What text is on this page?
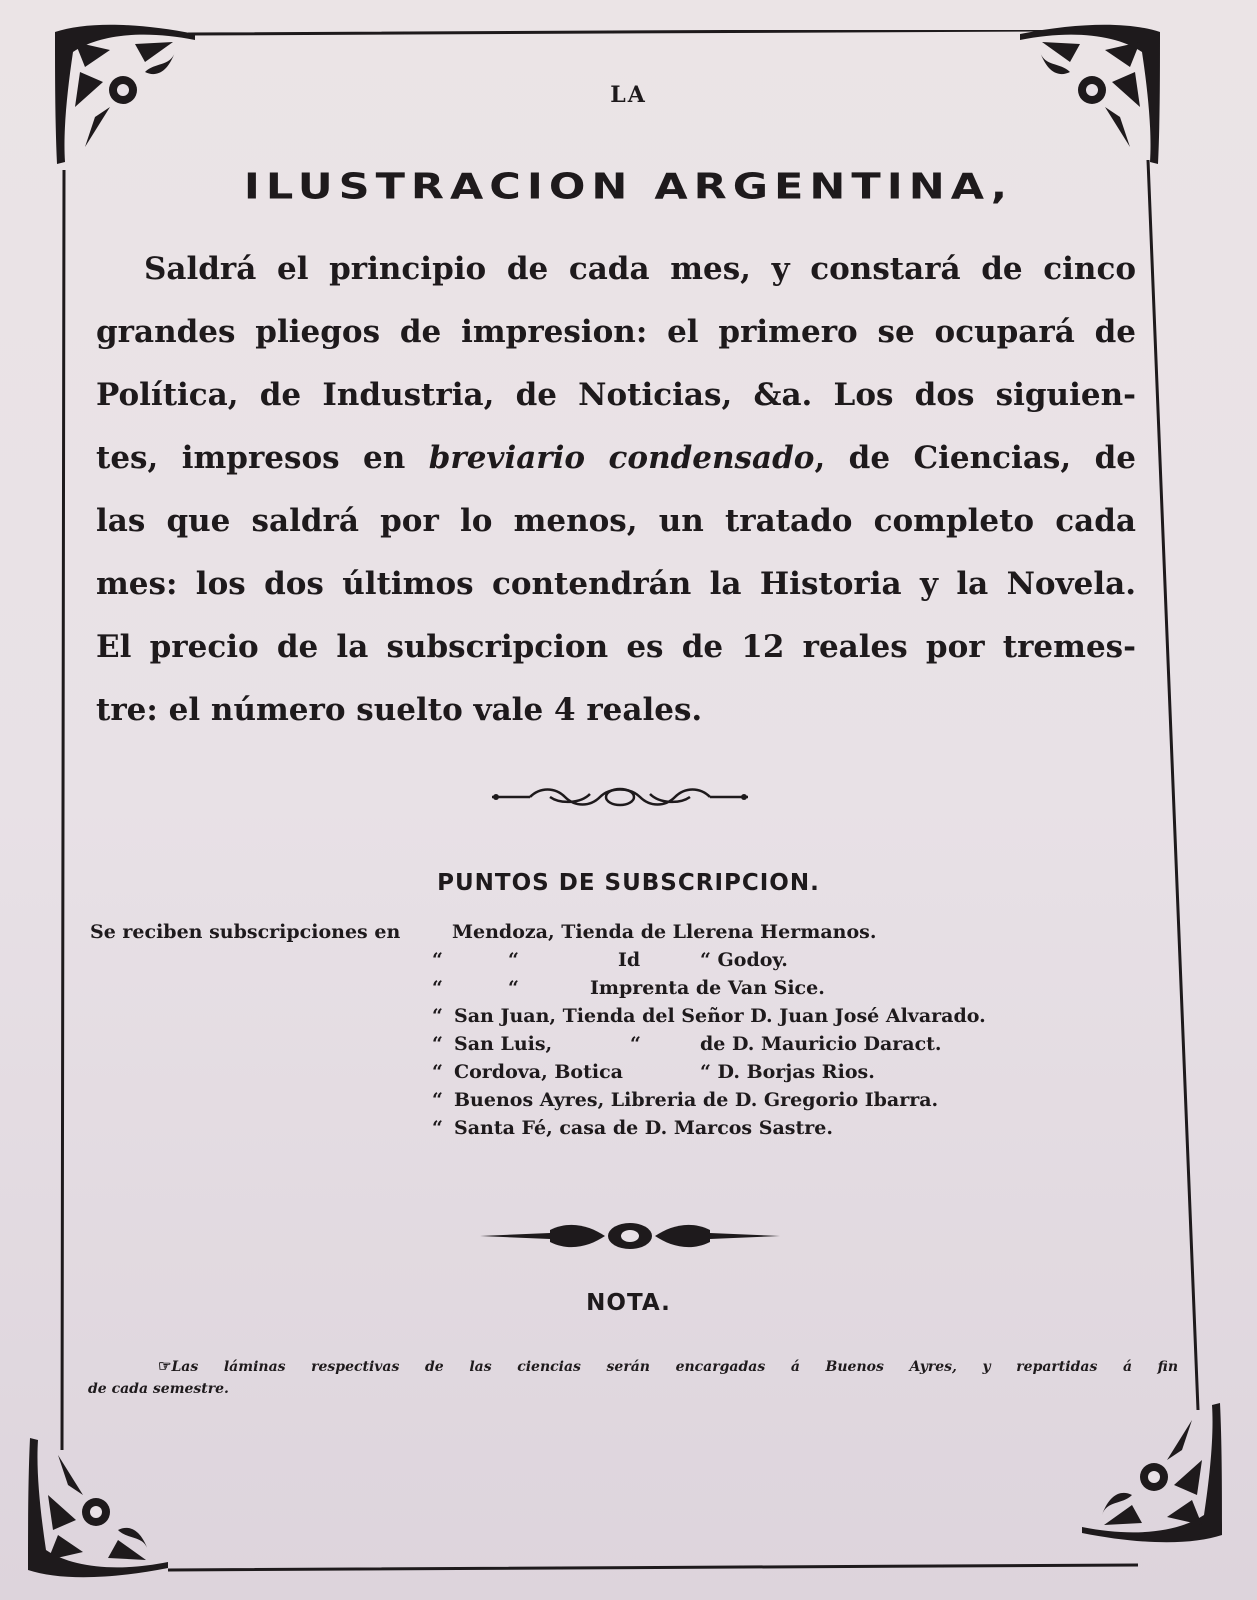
LA
ILUSTRACION ARGENTINA,
Saldrá el principio de cada mes, y constará de cinco
grandes pliegos de impresion: el primero se ocupará de
Política, de Industria, de Noticias, &a. Los dos siguien-
tes, impresos en breviario condensado, de Ciencias, de
las que saldrá por lo menos, un tratado completo cada
mes: los dos últimos contendrán la Historia y la Novela.
El precio de la subscripcion es de 12 reales por tremes-
tre: el número suelto vale 4 reales.
PUNTOS DE SUBSCRIPCION.
Se reciben subscripciones en	Mendoza, Tienda de Llerena Hermanos.
“	“	Id	“ Godoy.
“	“	Imprenta de Van Sice.
“ San Juan, Tienda del Señor D. Juan José Alvarado.
“ San Luis,	“	de D. Mauricio Daract.
“ Cordova, Botica	“ D. Borjas Rios.
“ Buenos Ayres, Libreria de D. Gregorio Ibarra.
“ Santa Fé, casa de D. Marcos Sastre.
NOTA.
☞Las láminas respectivas de las ciencias serán encargadas á Buenos Ayres, y repartidas á fin
de cada semestre.
